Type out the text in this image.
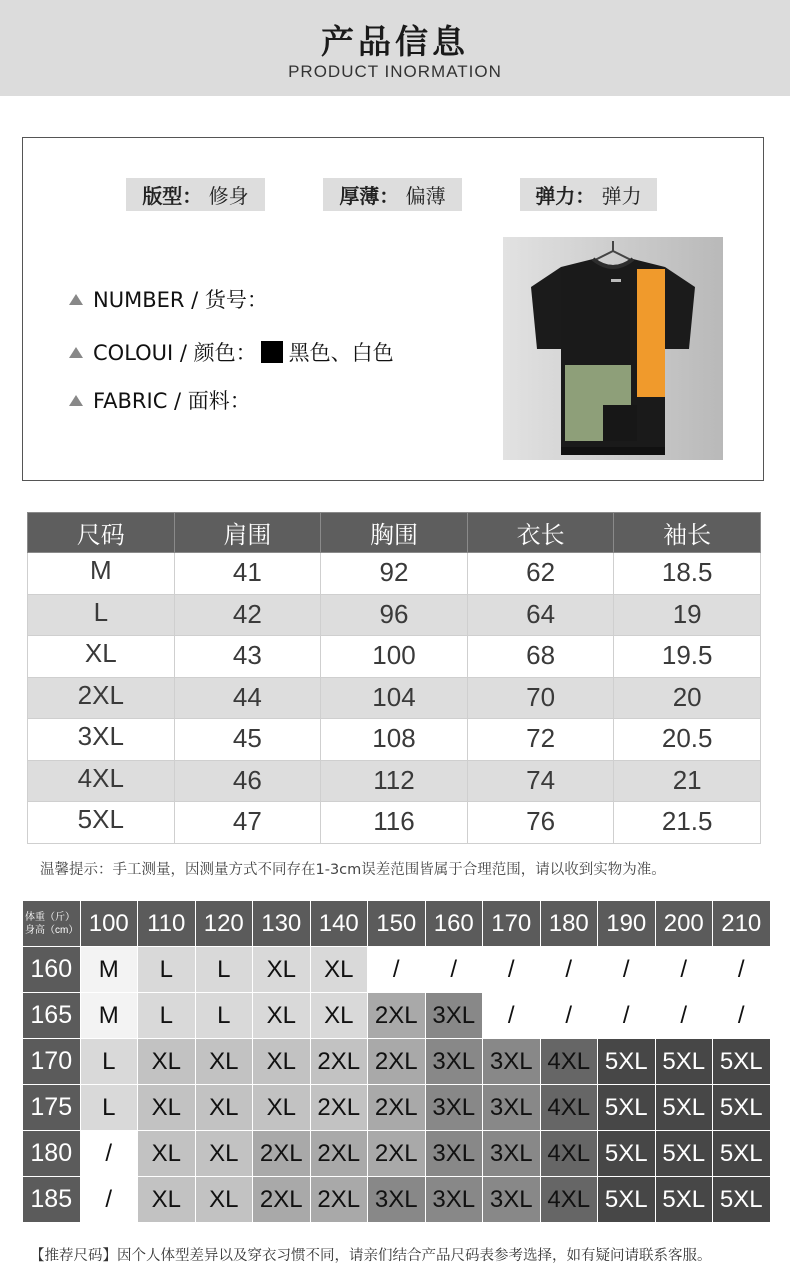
产品信息
PRODUCT INORMATION
版型：
修身	厚薄：
偏薄	弹力：
弹力
NUMBER / 货号：
COLOUI / 颜色： 黑色、白色
FABRIC / 面料：
尺码	肩围	胸围	衣长	袖长
M	41	92	62	18.5
L	42	96	64	19
XL	43	100	68	19.5
2XL	44	104	70	20
3XL	45	108	72	20.5
4XL	46	112	74	21
5XL	47	116	76	21.5
温馨提示：手工测量，因测量方式不同存在1-3cm误差范围皆属于合理范围，请以收到实物为准。
体重（斤）
身高（cm）	100	110	120	130	140	150	160	170	180	190	200	210
160	M	L	L	XL	XL	/	/	/	/	/	/	/
165	M	L	L	XL	XL	2XL	3XL	/	/	/	/	/
170	L	XL	XL	XL	2XL	2XL	3XL	3XL	4XL	5XL	5XL	5XL
175	L	XL	XL	XL	2XL	2XL	3XL	3XL	4XL	5XL	5XL	5XL
180	/	XL	XL	2XL	2XL	2XL	3XL	3XL	4XL	5XL	5XL	5XL
185	/	XL	XL	2XL	2XL	3XL	3XL	3XL	4XL	5XL	5XL	5XL
【推荐尺码】因个人体型差异以及穿衣习惯不同，请亲们结合产品尺码表参考选择，如有疑问请联系客服。
